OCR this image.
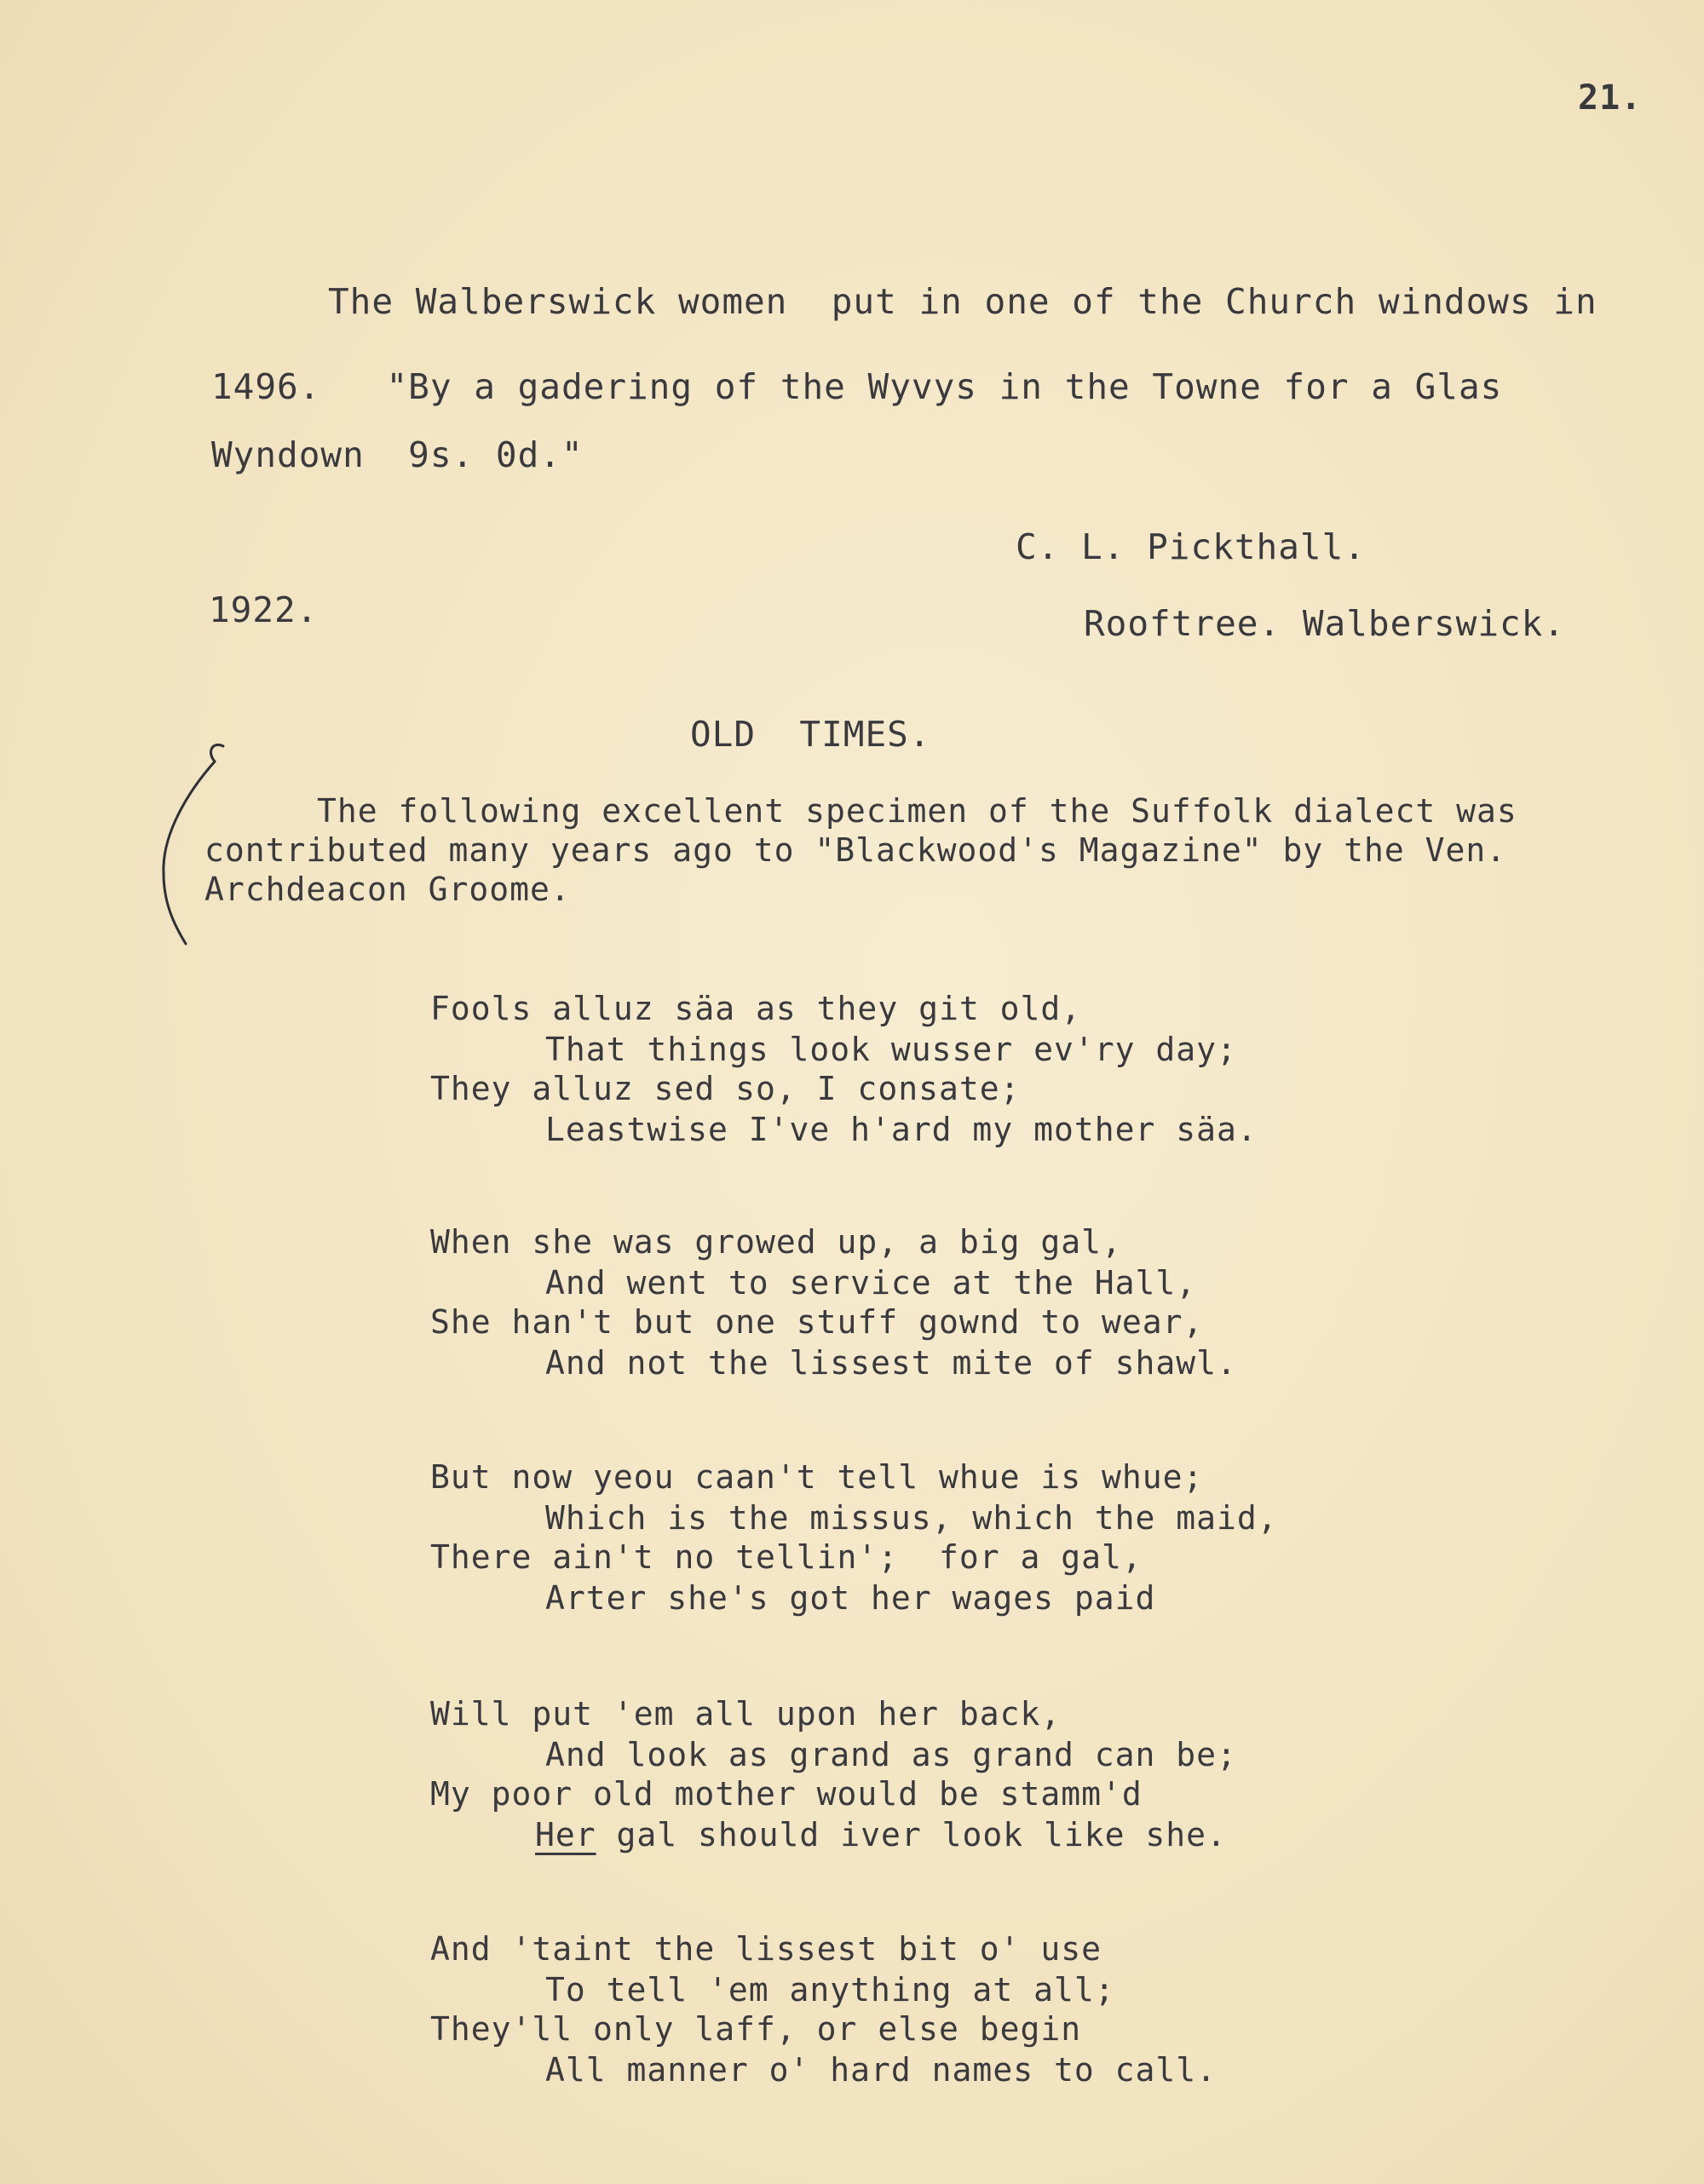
21.
The Walberswick women  put in one of the Church windows in
1496.   "By a gadering of the Wyvys in the Towne for a Glas
Wyndown  9s. 0d."
C. L. Pickthall.
1922.	Rooftree. Walberswick.
OLD  TIMES.
The following excellent specimen of the Suffolk dialect was
contributed many years ago to "Blackwood's Magazine" by the Ven.
Archdeacon Groome.
Fools alluz säa as they git old,
That things look wusser ev'ry day;
They alluz sed so, I consate;
Leastwise I've h'ard my mother säa.
When she was growed up, a big gal,
And went to service at the Hall,
She han't but one stuff gownd to wear,
And not the lissest mite of shawl.
But now yeou caan't tell whue is whue;
Which is the missus, which the maid,
There ain't no tellin';  for a gal,
Arter she's got her wages paid
Will put 'em all upon her back,
And look as grand as grand can be;
My poor old mother would be stamm'd
Her gal should iver look like she.
And 'taint the lissest bit o' use
To tell 'em anything at all;
They'll only laff, or else begin
All manner o' hard names to call.
